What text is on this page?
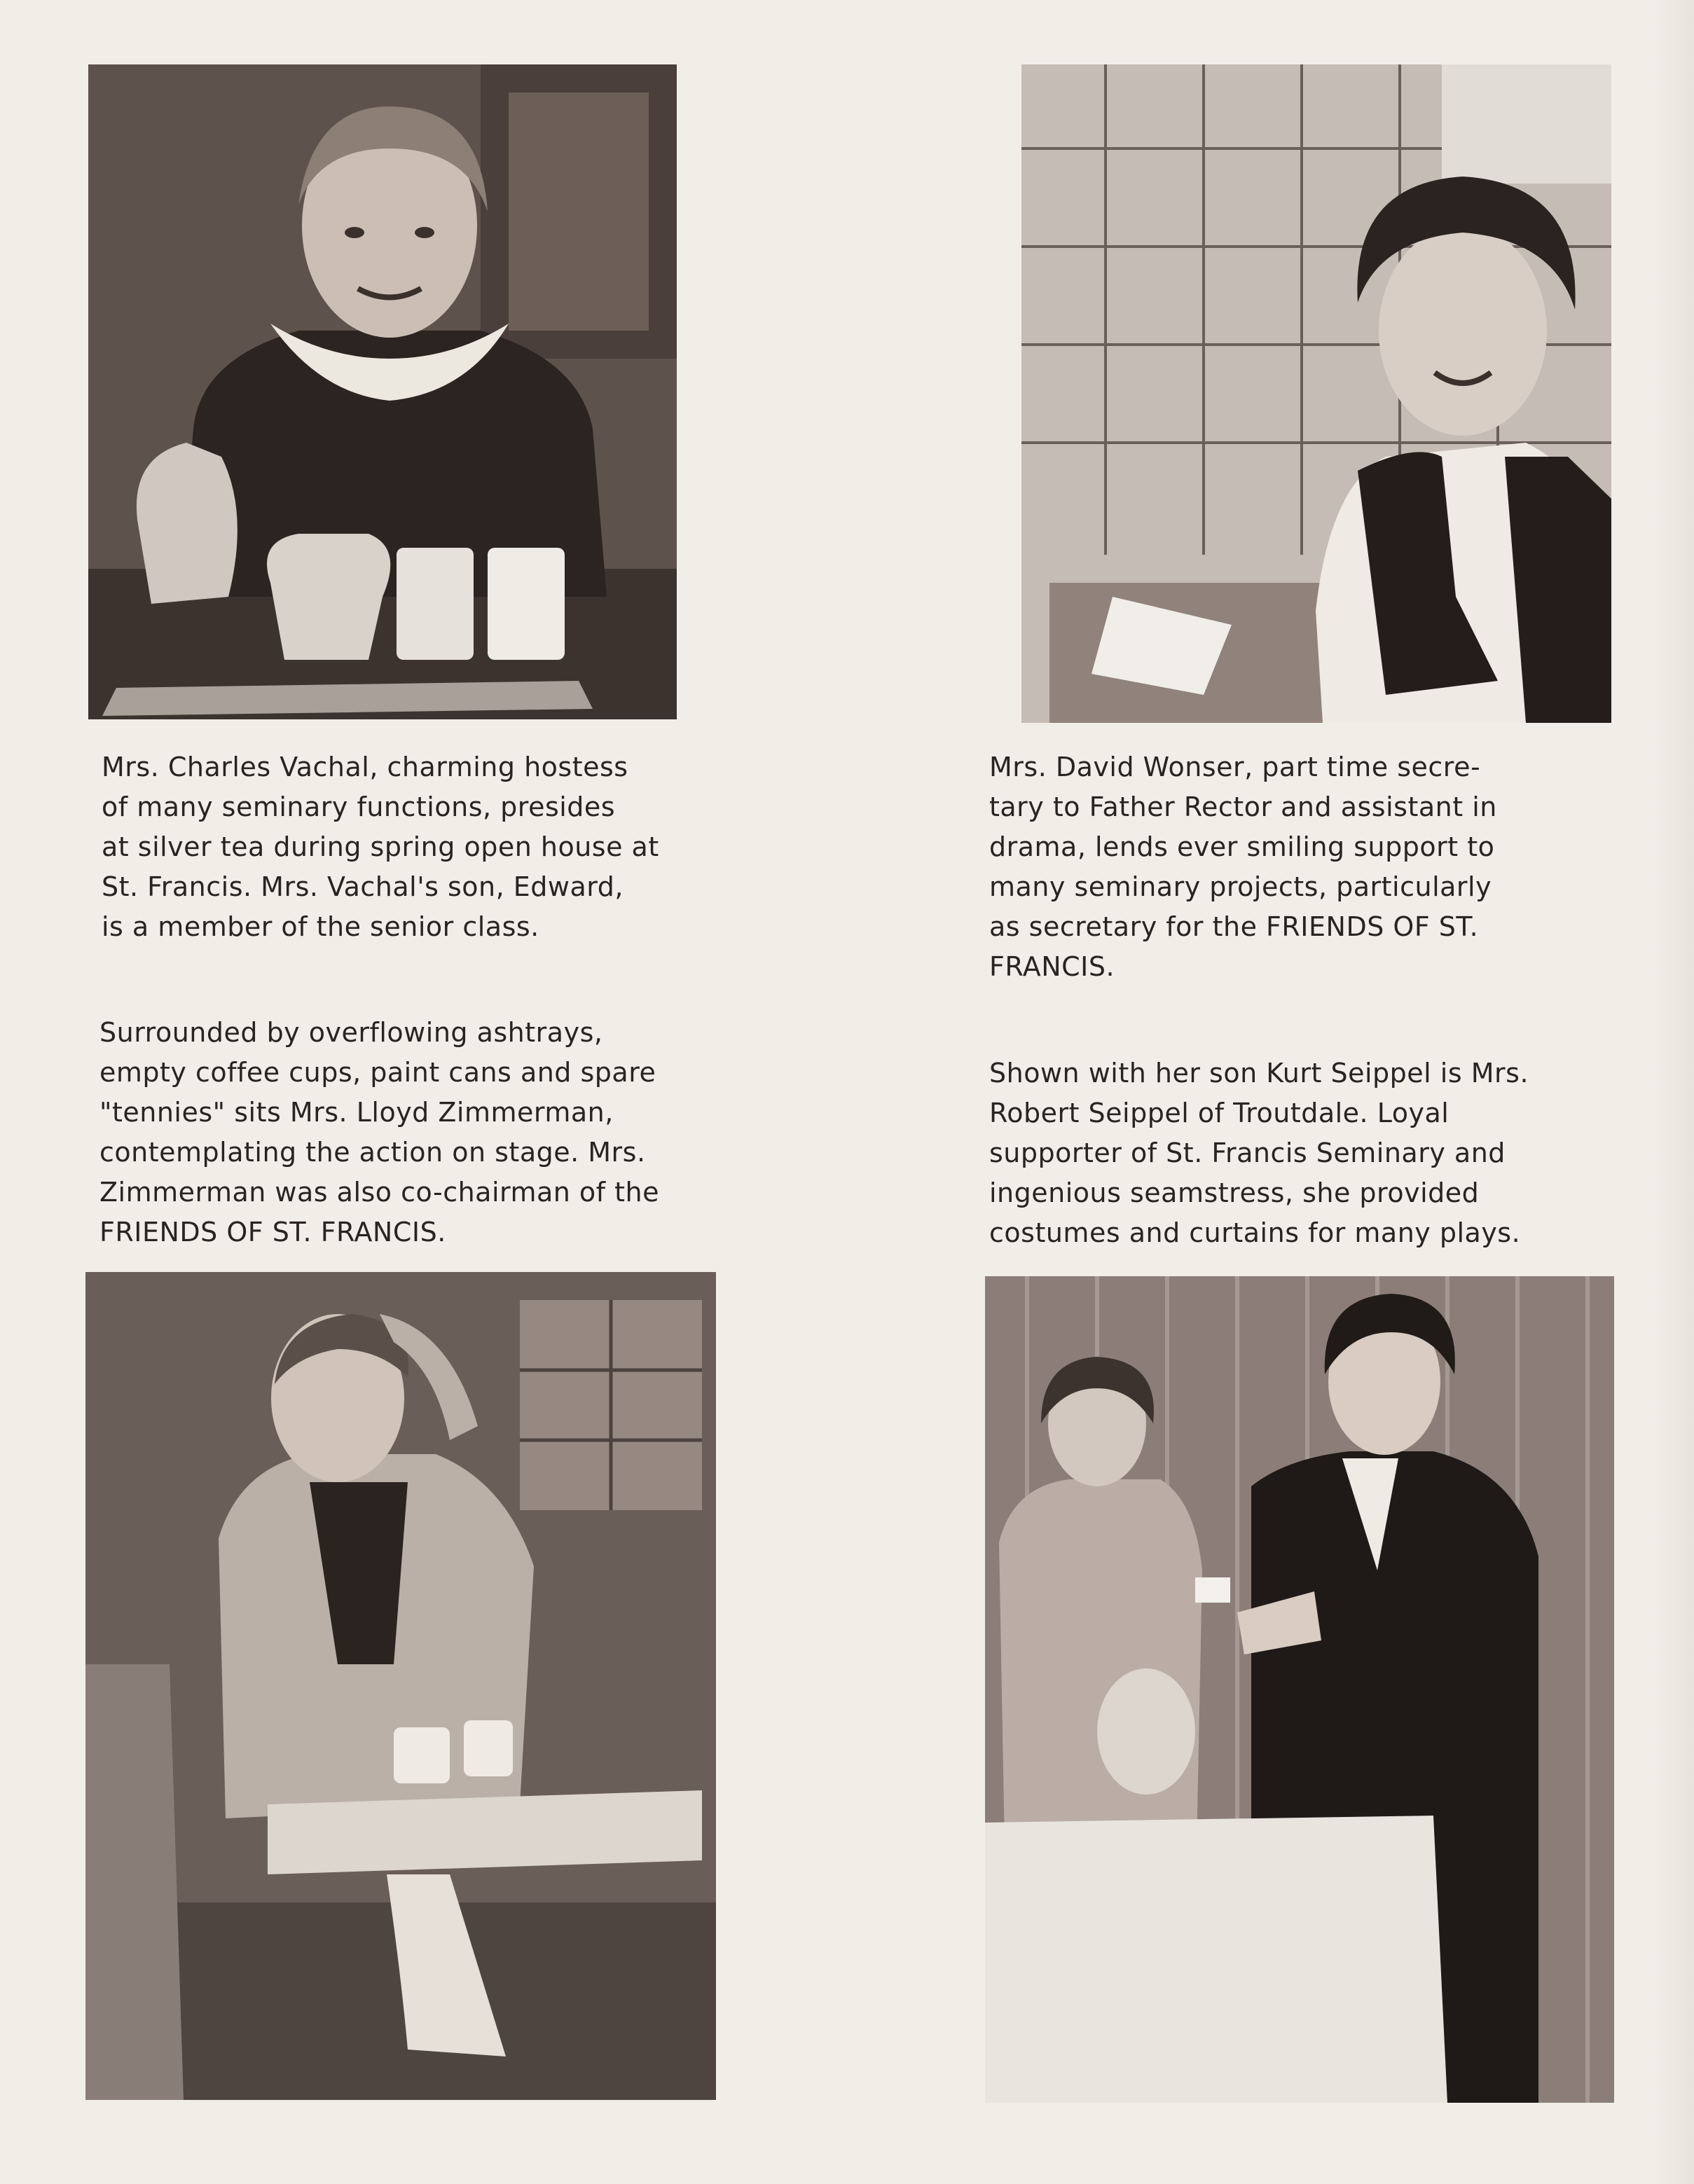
Mrs. Charles Vachal, charming hostess
of many seminary functions, presides
at silver tea during spring open house at
St. Francis. Mrs. Vachal's son, Edward,
is a member of the senior class.
Mrs. David Wonser, part time secre-
tary to Father Rector and assistant in
drama, lends ever smiling support to
many seminary projects, particularly
as secretary for the FRIENDS OF ST.
FRANCIS.
Surrounded by overflowing ashtrays,
empty coffee cups, paint cans and spare
"tennies" sits Mrs. Lloyd Zimmerman,
contemplating the action on stage. Mrs.
Zimmerman was also co-chairman of the
FRIENDS OF ST. FRANCIS.
Shown with her son Kurt Seippel is Mrs.
Robert Seippel of Troutdale. Loyal
supporter of St. Francis Seminary and
ingenious seamstress, she provided
costumes and curtains for many plays.
